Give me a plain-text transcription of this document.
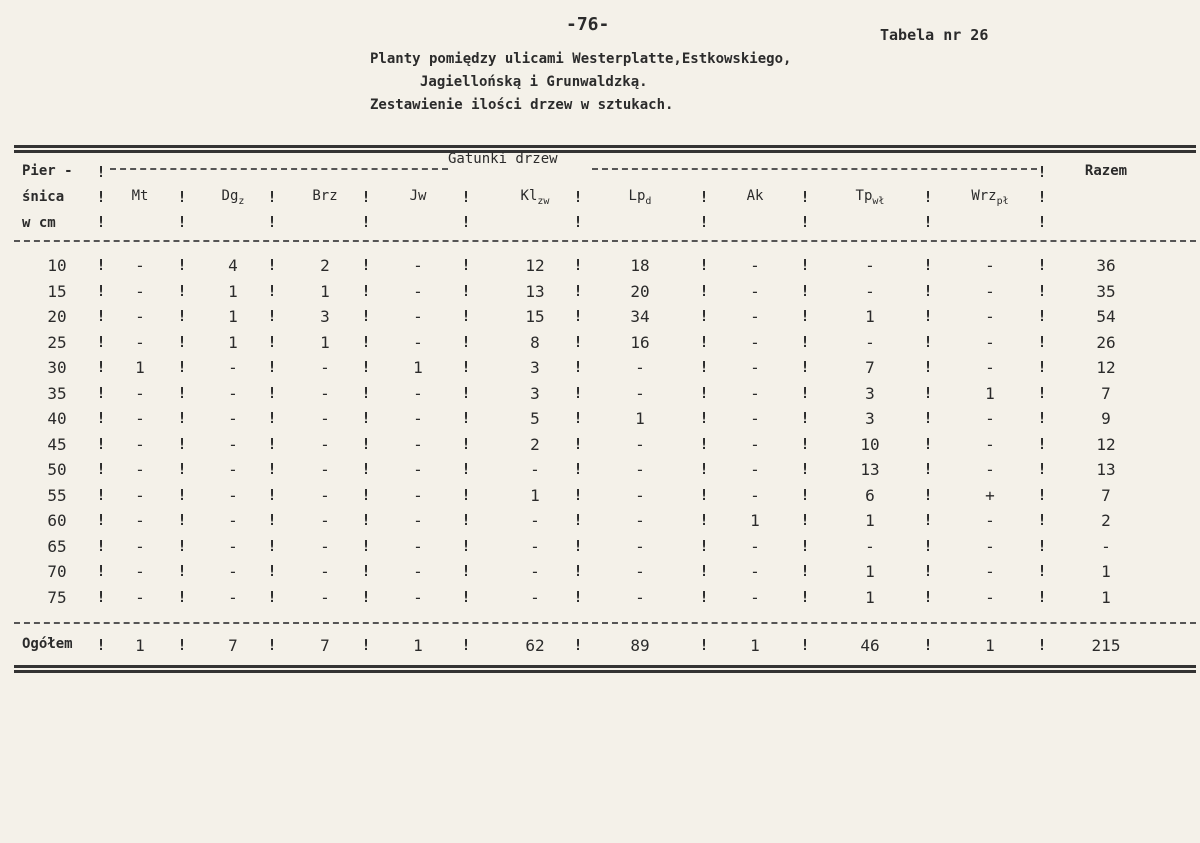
-76-	Tabela nr 26
Planty pomiędzy ulicami Westerplatte,Estkowskiego,
Jagiellońską i Grunwaldzką.
Zestawienie ilości drzew w sztukach.
Gatunki drzew
Pier -
śnica
w cm
Razem
Mt	$Dg_z$	Brz	Jw	$Kl_{zw}$	$Lp_d$	Ak	$Tp_{wł}$	Wrz$_{pł}$
!
!
!
!
!
!
!
!
!
!
!
!
!
!
!
!
!
!
!
!
!
!
10	-	4	2	-	12	18	-	-	-	36
!	!	!	!	!	!	!	!	!	!
15	-	1	1	-	13	20	-	-	-	35
!	!	!	!	!	!	!	!	!	!
20	-	1	3	-	15	34	-	1	-	54
!	!	!	!	!	!	!	!	!	!
25	-	1	1	-	8	16	-	-	-	26
!	!	!	!	!	!	!	!	!	!
30	1	-	-	1	3	-	-	7	-	12
!	!	!	!	!	!	!	!	!	!
35	-	-	-	-	3	-	-	3	1	7
!	!	!	!	!	!	!	!	!	!
40	-	-	-	-	5	1	-	3	-	9
!	!	!	!	!	!	!	!	!	!
45	-	-	-	-	2	-	-	10	-	12
!	!	!	!	!	!	!	!	!	!
50	-	-	-	-	-	-	-	13	-	13
!	!	!	!	!	!	!	!	!	!
55	-	-	-	-	1	-	-	6	+	7
!	!	!	!	!	!	!	!	!	!
60	-	-	-	-	-	-	1	1	-	2
!	!	!	!	!	!	!	!	!	!
65	-	-	-	-	-	-	-	-	-	-
!	!	!	!	!	!	!	!	!	!
70	-	-	-	-	-	-	-	1	-	1
!	!	!	!	!	!	!	!	!	!
75	-	-	-	-	-	-	-	1	-	1
!	!	!	!	!	!	!	!	!	!
Ogółem	1	7	7	1	62	89	1	46	1	215
!	!	!	!	!	!	!	!	!	!
